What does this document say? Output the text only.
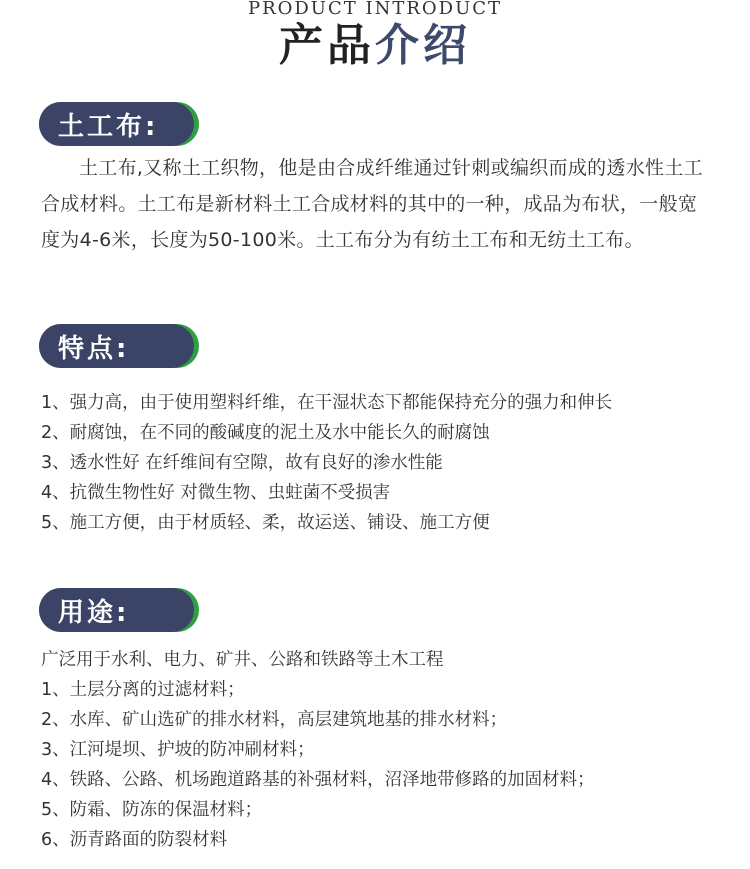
PRODUCT INTRODUCT
产品介绍
土工布:
土工布,又称土工织物，他是由合成纤维通过针刺或编织而成的透水性土工合成材料。土工布是新材料土工合成材料的其中的一种，成品为布状，一般宽度为4-6米，长度为50-100米。土工布分为有纺土工布和无纺土工布。
特点:
1、强力高，由于使用塑料纤维，在干湿状态下都能保持充分的强力和伸长
2、耐腐蚀，在不同的酸碱度的泥土及水中能长久的耐腐蚀
3、透水性好 在纤维间有空隙，故有良好的渗水性能
4、抗微生物性好 对微生物、虫蛀菌不受损害
5、施工方便，由于材质轻、柔，故运送、铺设、施工方便
用途:
广泛用于水利、电力、矿井、公路和铁路等土木工程
1、土层分离的过滤材料；
2、水库、矿山选矿的排水材料，高层建筑地基的排水材料；
3、江河堤坝、护坡的防冲刷材料；
4、铁路、公路、机场跑道路基的补强材料，沼泽地带修路的加固材料；
5、防霜、防冻的保温材料；
6、沥青路面的防裂材料
